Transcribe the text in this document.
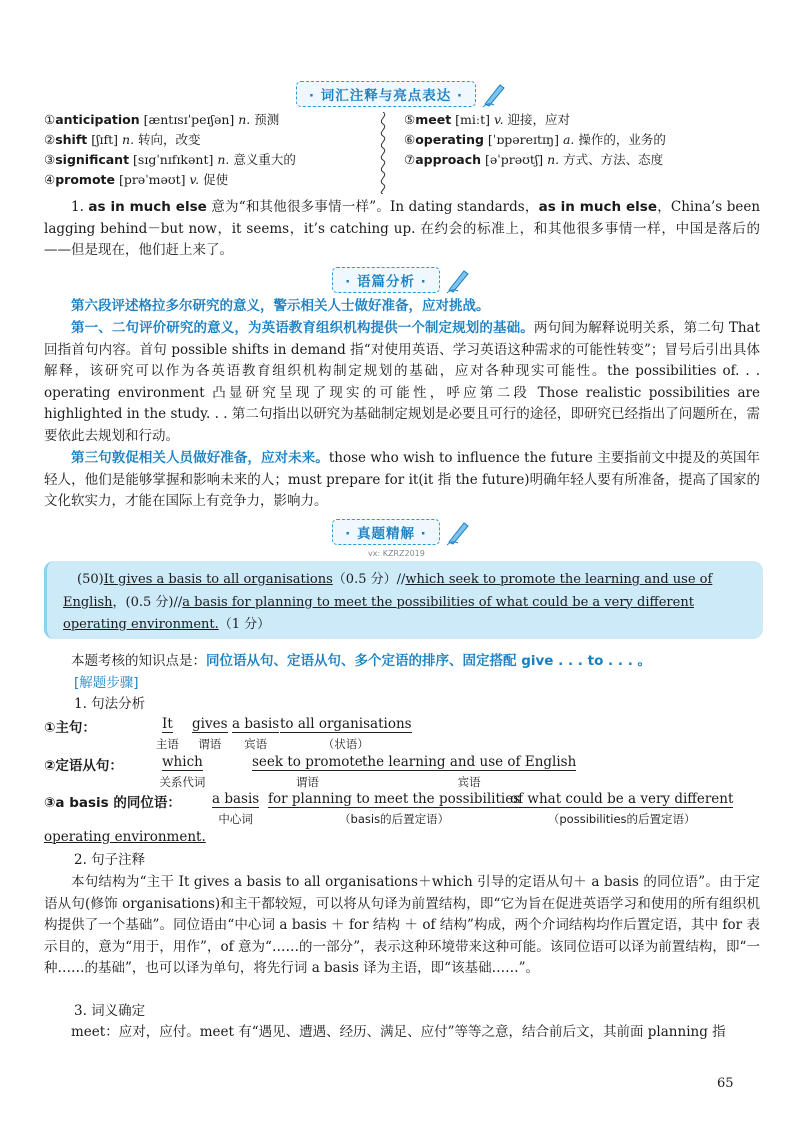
· 词汇注释与亮点表达 ·
①anticipation [æntɪsɪˈpeɪʃən] n. 预测
②shift [ʃɪft] n. 转向，改变
③significant [sɪgˈnɪfɪkənt] n. 意义重大的
④promote [prəˈməʊt] v. 促使
⑤meet [miːt] v. 迎接，应对
⑥operating [ˈɒpəreɪtɪŋ] a. 操作的，业务的
⑦approach [əˈprəʊtʃ] n. 方式、方法、态度
1. as in much else 意为“和其他很多事情一样”。In dating standards，as in much else，China’s been lagging behind－but now，it seems，it’s catching up. 在约会的标准上，和其他很多事情一样，中国是落后的——但是现在，他们赶上来了。
· 语篇分析 ·
第六段评述格拉多尔研究的意义，警示相关人士做好准备，应对挑战。
第一、二句评价研究的意义，为英语教育组织机构提供一个制定规划的基础。两句间为解释说明关系，第二句 That 回指首句内容。首句 possible shifts in demand 指“对使用英语、学习英语这种需求的可能性转变”；冒号后引出具体解释，该研究可以作为各英语教育组织机构制定规划的基础，应对各种现实可能性。the possibilities of. . . operating environment 凸显研究呈现了现实的可能性，呼应第二段 Those realistic possibilities are highlighted in the study. . . 第二句指出以研究为基础制定规划是必要且可行的途径，即研究已经指出了问题所在，需要依此去规划和行动。
第三句敦促相关人员做好准备，应对未来。those who wish to influence the future 主要指前文中提及的英国年轻人，他们是能够掌握和影响未来的人；must prepare for it(it 指 the future)明确年轻人要有所准备，提高了国家的文化软实力，才能在国际上有竞争力，影响力。
· 真题精解 ·
vx: KZRZ2019
(50)It gives a basis to all organisations（0.5 分）//which seek to promote the learning and use of
English，(0.5 分)//a basis for planning to meet the possibilities of what could be a very different
operating environment.（1 分）
本题考核的知识点是：同位语从句、定语从句、多个定语的排序、固定搭配 give . . . to . . . 。
[解题步骤]
1. 句法分析
①主句：	It
主语
gives
谓语
a basis
宾语
to all organisations
（状语）
②定语从句：	which
关系代词
seek to promote
谓语
the learning and use of English
宾语
③a basis 的同位语： a basis
中心词
for planning to meet the possibilities
（basis的后置定语）
of what could be a very different
（possibilities的后置定语）
operating environment.
2. 句子注释
本句结构为“主干 It gives a basis to all organisations＋which 引导的定语从句＋ a basis 的同位语”。由于定语从句(修饰 organisations)和主干都较短，可以将从句译为前置结构，即“它为旨在促进英语学习和使用的所有组织机构提供了一个基础”。同位语由“中心词 a basis ＋ for 结构 ＋ of 结构”构成，两个介词结构均作后置定语，其中 for 表示目的，意为“用于，用作”，of 意为“……的一部分”，表示这种环境带来这种可能。该同位语可以译为前置结构，即“一种……的基础”，也可以译为单句，将先行词 a basis 译为主语，即“该基础……”。
3. 词义确定
meet：应对，应付。meet 有“遇见、遭遇、经历、满足、应付”等等之意，结合前后文，其前面 planning 指
65
